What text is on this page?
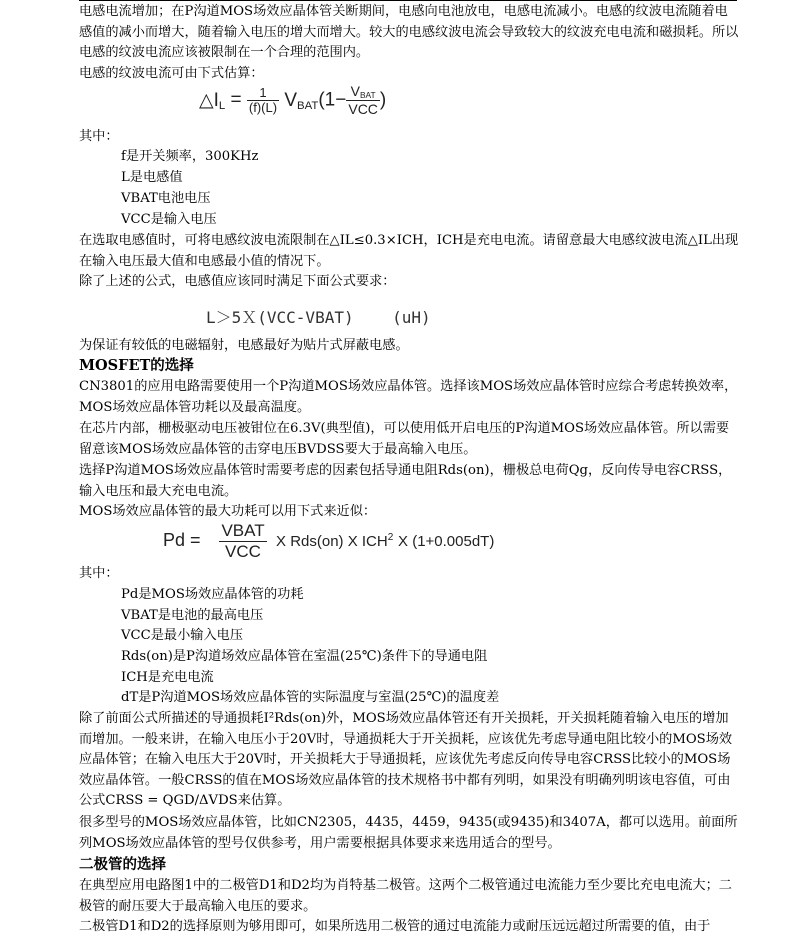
电感电流增加；在P沟道MOS场效应晶体管关断期间，电感向电池放电，电感电流减小。电感的纹波电流随着电感值的减小而增大，随着输入电压的增大而增大。较大的电感纹波电流会导致较大的纹波充电电流和磁损耗。所以电感的纹波电流应该被限制在一个合理的范围内。

电感的纹波电流可由下式估算：

$\triangle I_L = \frac{1}{(f)(L)} V_{BAT}(1- \frac{V_{BAT}}{\text{VCC}}$ )

其中：

f是开关频率，300KHz

L是电感值

VBAT电池电压

VCC是输入电压

在选取电感值时，可将电感纹波电流限制在△IL≤0.3×ICH，ICH是充电电流。请留意最大电感纹波电流△IL出现在输入电压最大值和电感最小值的情况下。

除了上述的公式，电感值应该同时满足下面公式要求：

L＞5Ｘ(VCC-VBAT) (uH)

为保证有较低的电磁辐射，电感最好为贴片式屏蔽电感。

MOSFET的选择

CN3801的应用电路需要使用一个P沟道MOS场效应晶体管。选择该MOS场效应晶体管时应综合考虑转换效率，MOS场效应晶体管功耗以及最高温度。

在芯片内部，栅极驱动电压被钳位在6.3V(典型值)，可以使用低开启电压的P沟道MOS场效应晶体管。所以需要留意该MOS场效应晶体管的击穿电压BVDSS要大于最高输入电压。

选择P沟道MOS场效应晶体管时需要考虑的因素包括导通电阻Rds(on)，栅极总电荷Qg，反向传导电容CRSS，输入电压和最大充电电流。

MOS场效应晶体管的最大功耗可以用下式来近似：

$Pd = \frac{\text{VBAT}}{\text{VCC}}$ X Rds(on) X ICH$^2$ X (1+0.005dT)

其中：

Pd是MOS场效应晶体管的功耗

VBAT是电池的最高电压

VCC是最小输入电压

Rds(on)是P沟道场效应晶体管在室温(25℃)条件下的导通电阻

ICH是充电电流

dT是P沟道MOS场效应晶体管的实际温度与室温(25℃)的温度差

除了前面公式所描述的导通损耗I²Rds(on)外，MOS场效应晶体管还有开关损耗，开关损耗随着输入电压的增加而增加。一般来讲，在输入电压小于20V时，导通损耗大于开关损耗，应该优先考虑导通电阻比较小的MOS场效应晶体管；在输入电压大于20V时，开关损耗大于导通损耗，应该优先考虑反向传导电容CRSS比较小的MOS场效应晶体管。一般CRSS的值在MOS场效应晶体管的技术规格书中都有列明，如果没有明确列明该电容值，可由公式CRSS = QGD/ΔVDS来估算。

很多型号的MOS场效应晶体管，比如CN2305，4435，4459，9435(或9435)和3407A，都可以选用。前面所列MOS场效应晶体管的型号仅供参考，用户需要根据具体要求来选用适合的型号。

二极管的选择

在典型应用电路图1中的二极管D1和D2均为肖特基二极管。这两个二极管通过电流能力至少要比充电电流大；二极管的耐压要大于最高输入电压的要求。

二极管D1和D2的选择原则为够用即可，如果所选用二极管的通过电流能力或耐压远远超过所需要的值，由于
